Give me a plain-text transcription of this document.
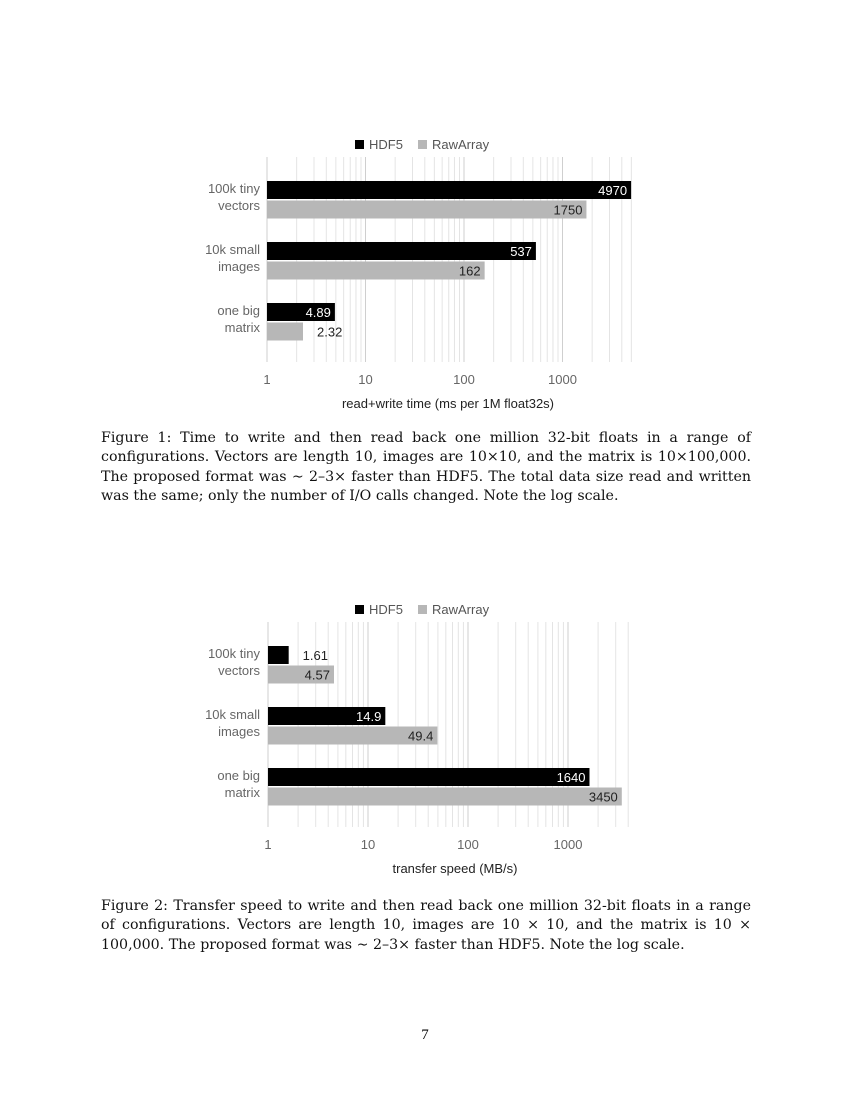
1	10	100	1000
read+write time (ms per 1M float32s)
HDF5 RawArray
100k tiny
vectors
4970
1750
10k small
images
537
162
one big
matrix
4.89
2.32
Figure 1: Time to write and then read back one million 32-bit floats in a range of configurations. Vectors are length 10, images are 10×10, and the matrix is 10×100,000. The proposed format was ∼ 2–3× faster than HDF5. The total data size read and written was the same; only the number of I/O calls changed. Note the log scale.
1	10	100	1000
transfer speed (MB/s)
HDF5 RawArray
100k tiny
vectors
1.61
4.57
10k small
images
14.9
49.4
one big
matrix
1640
3450
Figure 2: Transfer speed to write and then read back one million 32-bit floats in a range of configurations. Vectors are length 10, images are 10 × 10, and the matrix is 10 × 100,000. The proposed format was ∼ 2–3× faster than HDF5. Note the log scale.
7
